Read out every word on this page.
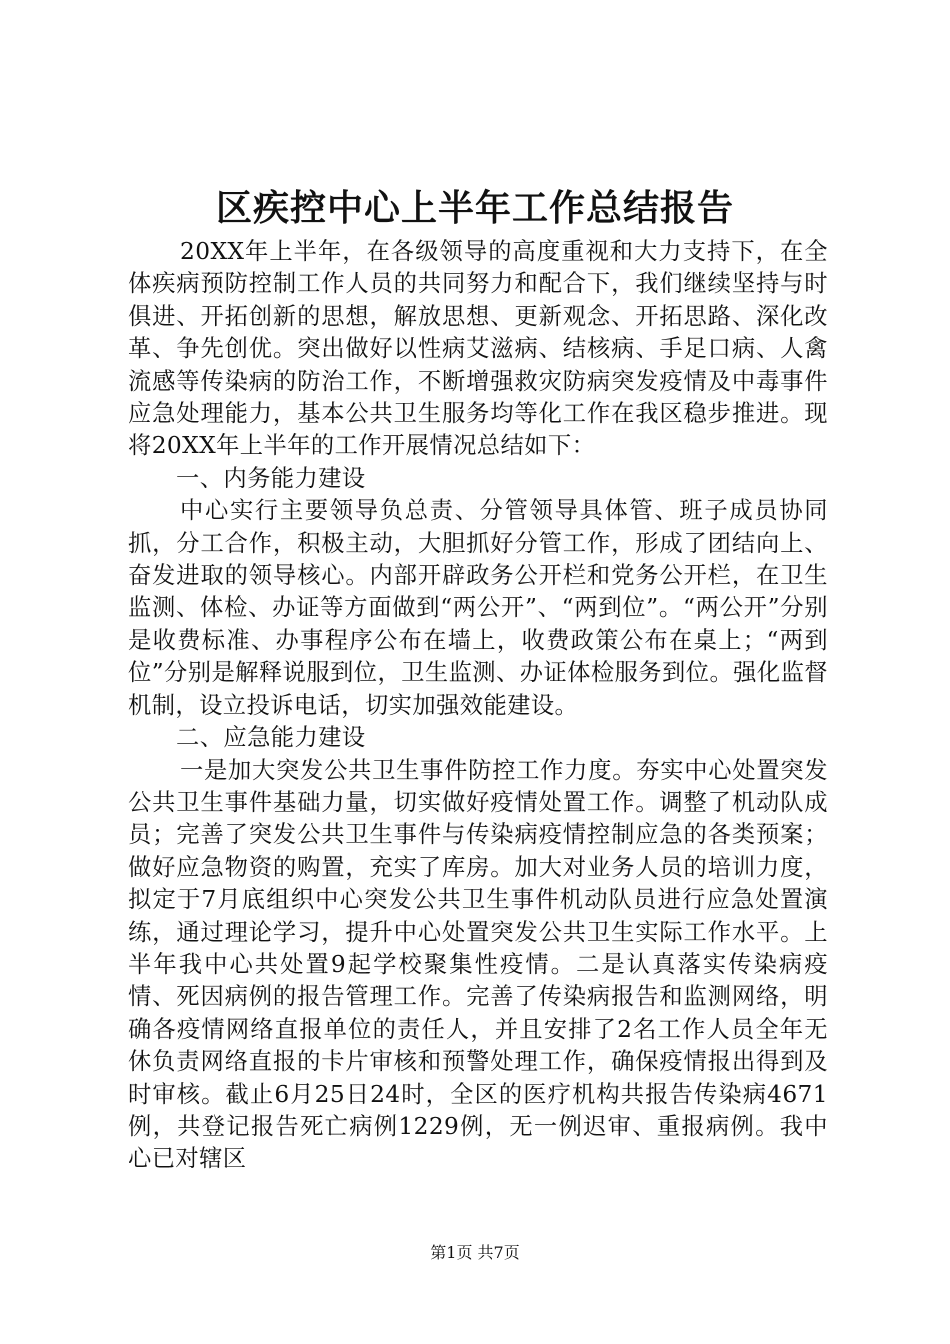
区疾控中心上半年工作总结报告

20XX年上半年，在各级领导的高度重视和大力支持下，在全体疾病预防控制工作人员的共同努力和配合下，我们继续坚持与时俱进、开拓创新的思想，解放思想、更新观念、开拓思路、深化改革、争先创优。突出做好以性病艾滋病、结核病、手足口病、人禽流感等传染病的防治工作，不断增强救灾防病突发疫情及中毒事件应急处理能力，基本公共卫生服务均等化工作在我区稳步推进。现将20XX年上半年的工作开展情况总结如下：

一、内务能力建设

中心实行主要领导负总责、分管领导具体管、班子成员协同抓，分工合作，积极主动，大胆抓好分管工作，形成了团结向上、奋发进取的领导核心。内部开辟政务公开栏和党务公开栏，在卫生监测、体检、办证等方面做到“两公开”、“两到位”。“两公开”分别是收费标准、办事程序公布在墙上，收费政策公布在桌上；“两到位”分别是解释说服到位，卫生监测、办证体检服务到位。强化监督机制，设立投诉电话，切实加强效能建设。

二、应急能力建设

一是加大突发公共卫生事件防控工作力度。夯实中心处置突发公共卫生事件基础力量，切实做好疫情处置工作。调整了机动队成员；完善了突发公共卫生事件与传染病疫情控制应急的各类预案；做好应急物资的购置，充实了库房。加大对业务人员的培训力度，拟定于7月底组织中心突发公共卫生事件机动队员进行应急处置演练，通过理论学习，提升中心处置突发公共卫生实际工作水平。上半年我中心共处置9起学校聚集性疫情。二是认真落实传染病疫情、死因病例的报告管理工作。完善了传染病报告和监测网络，明确各疫情网络直报单位的责任人，并且安排了2名工作人员全年无休负责网络直报的卡片审核和预警处理工作，确保疫情报出得到及时审核。截止6月25日24时，全区的医疗机构共报告传染病4671例，共登记报告死亡病例1229例，无一例迟审、重报病例。我中心已对辖区

第1页 共7页
